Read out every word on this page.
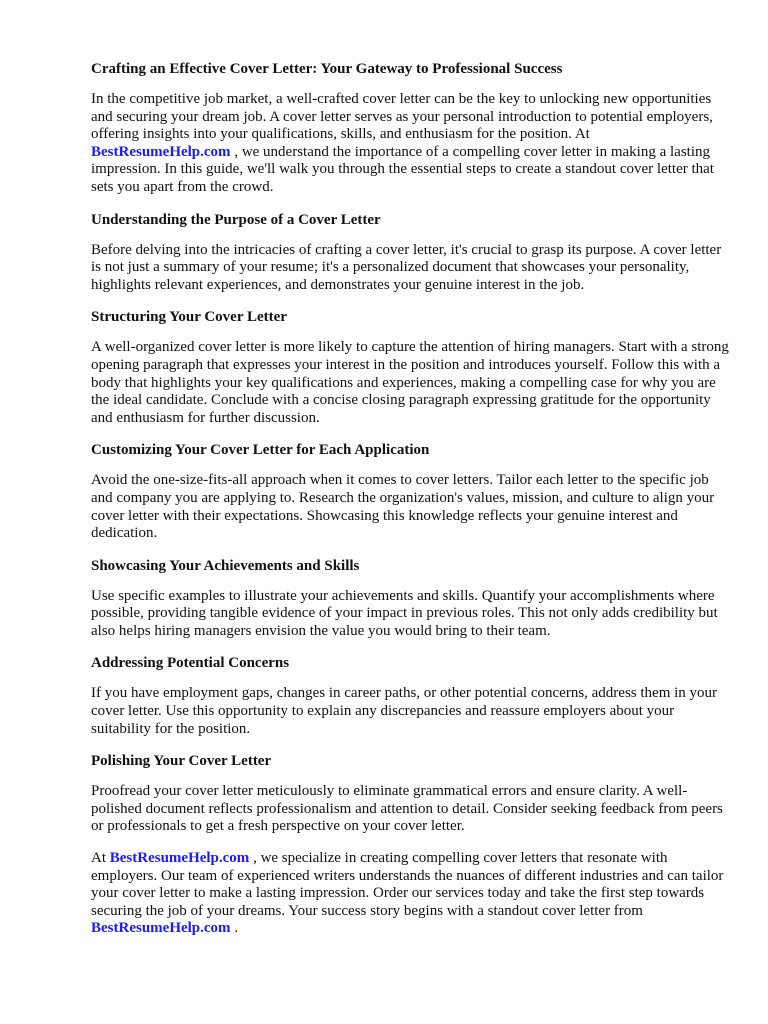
Crafting an Effective Cover Letter: Your Gateway to Professional Success

In the competitive job market, a well-crafted cover letter can be the key to unlocking new opportunities and securing your dream job. A cover letter serves as your personal introduction to potential employers, offering insights into your qualifications, skills, and enthusiasm for the position. At BestResumeHelp.com , we understand the importance of a compelling cover letter in making a lasting impression. In this guide, we'll walk you through the essential steps to create a standout cover letter that sets you apart from the crowd.

Understanding the Purpose of a Cover Letter

Before delving into the intricacies of crafting a cover letter, it's crucial to grasp its purpose. A cover letter is not just a summary of your resume; it's a personalized document that showcases your personality, highlights relevant experiences, and demonstrates your genuine interest in the job.

Structuring Your Cover Letter

A well-organized cover letter is more likely to capture the attention of hiring managers. Start with a strong opening paragraph that expresses your interest in the position and introduces yourself. Follow this with a body that highlights your key qualifications and experiences, making a compelling case for why you are the ideal candidate. Conclude with a concise closing paragraph expressing gratitude for the opportunity and enthusiasm for further discussion.

Customizing Your Cover Letter for Each Application

Avoid the one-size-fits-all approach when it comes to cover letters. Tailor each letter to the specific job and company you are applying to. Research the organization's values, mission, and culture to align your cover letter with their expectations. Showcasing this knowledge reflects your genuine interest and dedication.

Showcasing Your Achievements and Skills

Use specific examples to illustrate your achievements and skills. Quantify your accomplishments where possible, providing tangible evidence of your impact in previous roles. This not only adds credibility but also helps hiring managers envision the value you would bring to their team.

Addressing Potential Concerns

If you have employment gaps, changes in career paths, or other potential concerns, address them in your cover letter. Use this opportunity to explain any discrepancies and reassure employers about your suitability for the position.

Polishing Your Cover Letter

Proofread your cover letter meticulously to eliminate grammatical errors and ensure clarity. A well-polished document reflects professionalism and attention to detail. Consider seeking feedback from peers or professionals to get a fresh perspective on your cover letter.

At BestResumeHelp.com , we specialize in creating compelling cover letters that resonate with employers. Our team of experienced writers understands the nuances of different industries and can tailor your cover letter to make a lasting impression. Order our services today and take the first step towards securing the job of your dreams. Your success story begins with a standout cover letter from BestResumeHelp.com .
